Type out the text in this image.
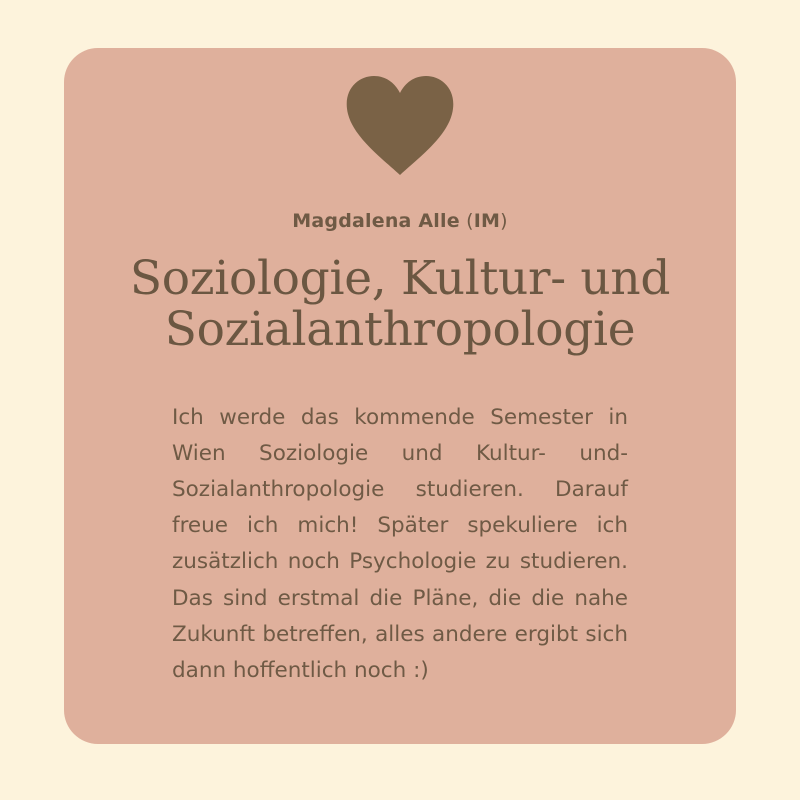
Magdalena Alle (IM)
Soziologie, Kultur- und Sozialanthropologie

Ich werde das kommende Semester in Wien Soziologie und Kultur- und-Sozialanthropologie studieren. Darauf freue ich mich! Später spekuliere ich zusätzlich noch Psychologie zu studieren. Das sind erstmal die Pläne, die die nahe Zukunft betreffen, alles andere ergibt sich dann hoffentlich noch :)
